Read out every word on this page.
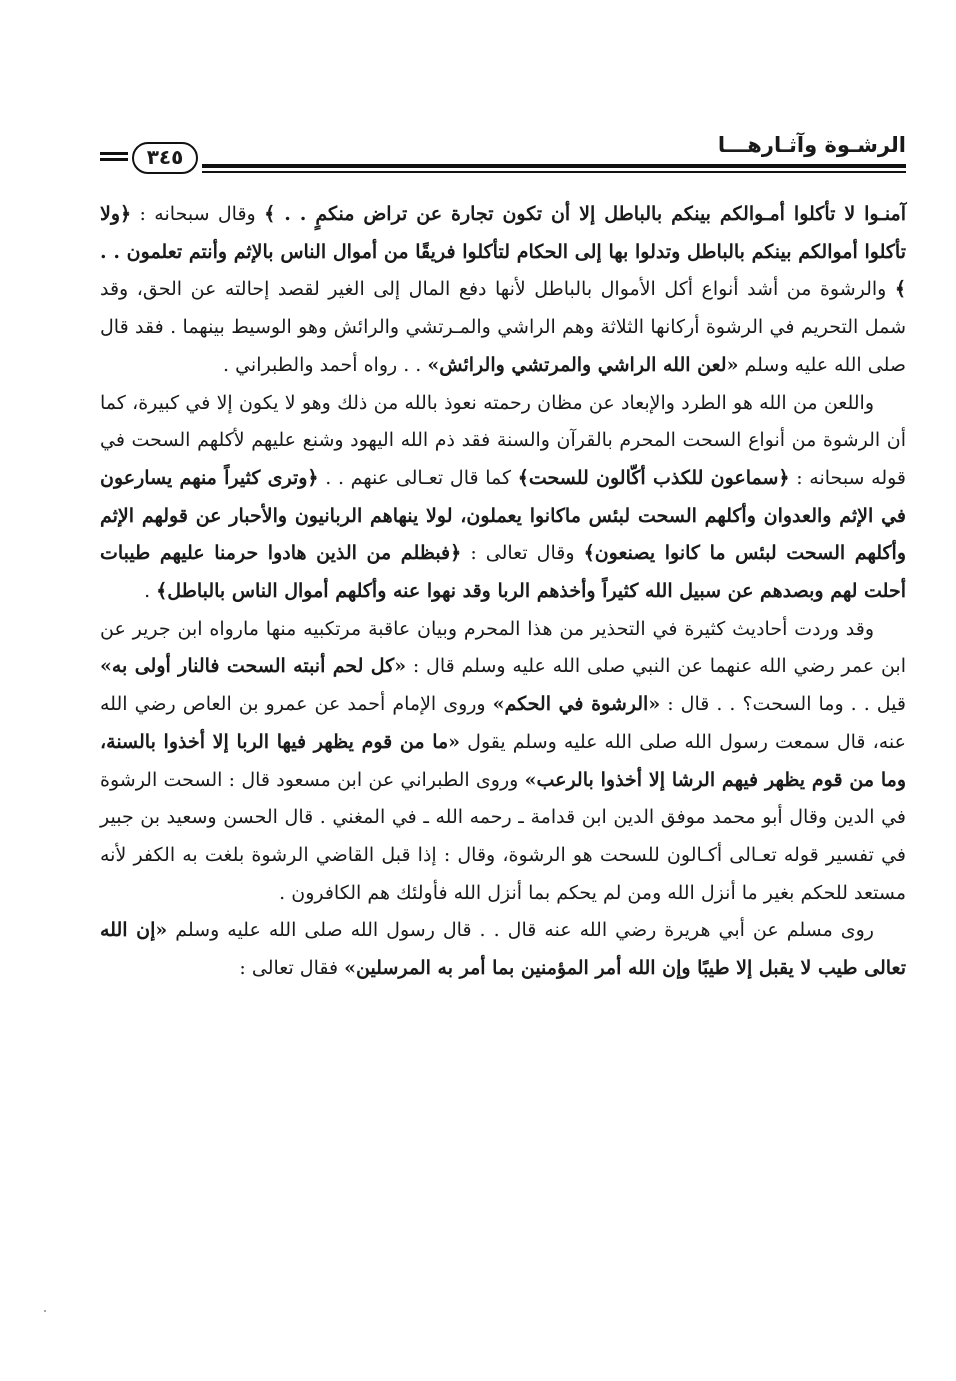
الرشـوة وآثـارهـــا
٣٤٥

آمنـوا لا تأكلوا أمـوالكم بينكم بالباطل إلا أن تكون تجارة عن تراض منكمٍ . . ﴾ وقال سبحانه : ﴿ولا تأكلوا أموالكم بينكم بالباطل وتدلوا بها إلى الحكام لتأكلوا فريقًا من أموال الناس بالإثم وأنتم تعلمون . . ﴾ والرشوة من أشد أنواع أكل الأموال بالباطل لأنها دفع المال إلى الغير لقصد إحالته عن الحق، وقد شمل التحريم في الرشوة أركانها الثلاثة وهم الراشي والمـرتشي والرائش وهو الوسيط بينهما . فقد قال صلى الله عليه وسلم «لعن الله الراشي والمرتشي والرائش» . . رواه أحمد والطبراني .

واللعن من الله هو الطرد والإبعاد عن مظان رحمته نعوذ بالله من ذلك وهو لا يكون إلا في كبيرة، كما أن الرشوة من أنواع السحت المحرم بالقرآن والسنة فقد ذم الله اليهود وشنع عليهم لأكلهم السحت في قوله سبحانه : ﴿سماعون للكذب أكّالون للسحت﴾ كما قال تعـالى عنهم . . ﴿وترى كثيراً منهم يسارعون في الإثم والعدوان وأكلهم السحت لبئس ماكانوا يعملون، لولا ينهاهم الربانيون والأحبار عن قولهم الإثم وأكلهم السحت لبئس ما كانوا يصنعون﴾ وقال تعالى : ﴿فبظلم من الذين هادوا حرمنا عليهم طيبات أحلت لهم وبصدهم عن سبيل الله كثيراً وأخذهم الربا وقد نهوا عنه وأكلهم أموال الناس بالباطل﴾ .

وقد وردت أحاديث كثيرة في التحذير من هذا المحرم وبيان عاقبة مرتكبيه منها مارواه ابن جرير عن ابن عمر رضي الله عنهما عن النبي صلى الله عليه وسلم قال : «كل لحم أنبته السحت فالنار أولى به» قيل . . وما السحت؟ . . قال : «الرشوة في الحكم» وروى الإمام أحمد عن عمرو بن العاص رضي الله عنه، قال سمعت رسول الله صلى الله عليه وسلم يقول «ما من قوم يظهر فيها الربا إلا أخذوا بالسنة، وما من قوم يظهر فيهم الرشا إلا أخذوا بالرعب» وروى الطبراني عن ابن مسعود قال : السحت الرشوة في الدين وقال أبو محمد موفق الدين ابن قدامة ـ رحمه الله ـ في المغني . قال الحسن وسعيد بن جبير في تفسير قوله تعـالى أكـالون للسحت هو الرشوة، وقال : إذا قبل القاضي الرشوة بلغت به الكفر لأنه مستعد للحكم بغير ما أنزل الله ومن لم يحكم بما أنزل الله فأولئك هم الكافرون .

روى مسلم عن أبي هريرة رضي الله عنه قال . . قال رسول الله صلى الله عليه وسلم «إن الله تعالى طيب لا يقبل إلا طيبًا وإن الله أمر المؤمنين بما أمر به المرسلين» فقال تعالى :
